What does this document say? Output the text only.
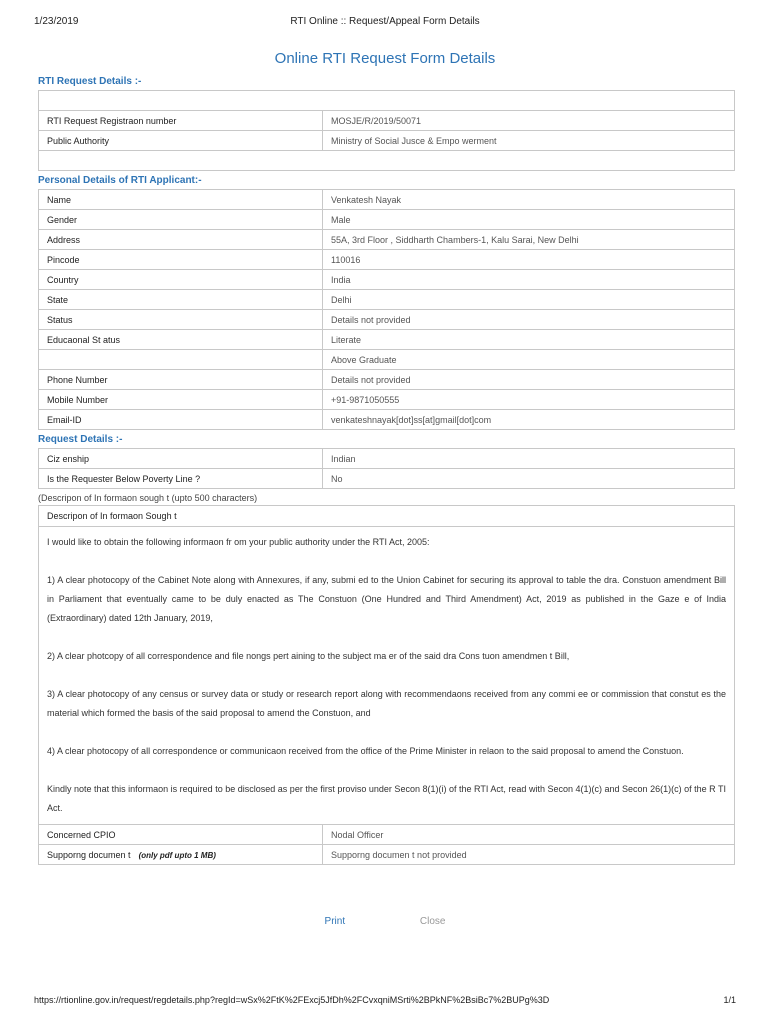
1/23/2019	RTI Online :: Request/Appeal Form Details
Online RTI Request Form Details
RTI Request Details :-

RTI Request Registraon number	MOSJE/R/2019/50071
Public Authority	Ministry of Social Jusce & Empo werment

Personal Details of RTI Applicant:-
Name	Venkatesh Nayak
Gender	Male
Address	55A, 3rd Floor , Siddharth Chambers-1, Kalu Sarai, New Delhi
Pincode	110016
Country	India
State	Delhi
Status	Details not provided
Educaonal St atus	Literate
	Above Graduate
Phone Number	Details not provided
Mobile Number	+91-9871050555
Email-ID	venkateshnayak[dot]ss[at]gmail[dot]com
Request Details :-
Ciz enship	Indian
Is the Requester Below Poverty Line ?	No
(Descripon of In formaon sough t (upto 500 characters)
Descripon of In formaon Sough t

I would like to obtain the following informaon fr om your public authority under the RTI Act, 2005:

1) A clear photocopy of the Cabinet Note along with Annexures, if any, submi ed to the Union Cabinet for securing its approval to table the dra. Constuon amendment Bill in Parliament that eventually came to be duly enacted as The Constuon (One Hundred and Third Amendment) Act, 2019 as published in the Gaze e of India (Extraordinary) dated 12th January, 2019,

2) A clear photcopy of all correspondence and file nongs pert aining to the subject ma er of the said dra Cons tuon amendmen t Bill,

3) A clear photocopy of any census or survey data or study or research report along with recommendaons received from any commi ee or commission that constut es the material which formed the basis of the said proposal to amend the Constuon, and

4) A clear photocopy of all correspondence or communicaon received from the office of the Prime Minister in relaon to the said proposal to amend the Constuon.

Kindly note that this informaon is required to be disclosed as per the first proviso under Secon 8(1)(i) of the RTI Act, read with Secon 4(1)(c) and Secon 26(1)(c) of the R TI Act.

Concerned CPIO	Nodal Officer
Supporng documen t (only pdf upto 1 MB)	Supporng documen t not provided
Print	Close
https://rtionline.gov.in/request/regdetails.php?regId=wSx%2FtK%2FExcj5JfDh%2FCvxqniMSrti%2BPkNF%2BsiBc7%2BUPg%3D	1/1
